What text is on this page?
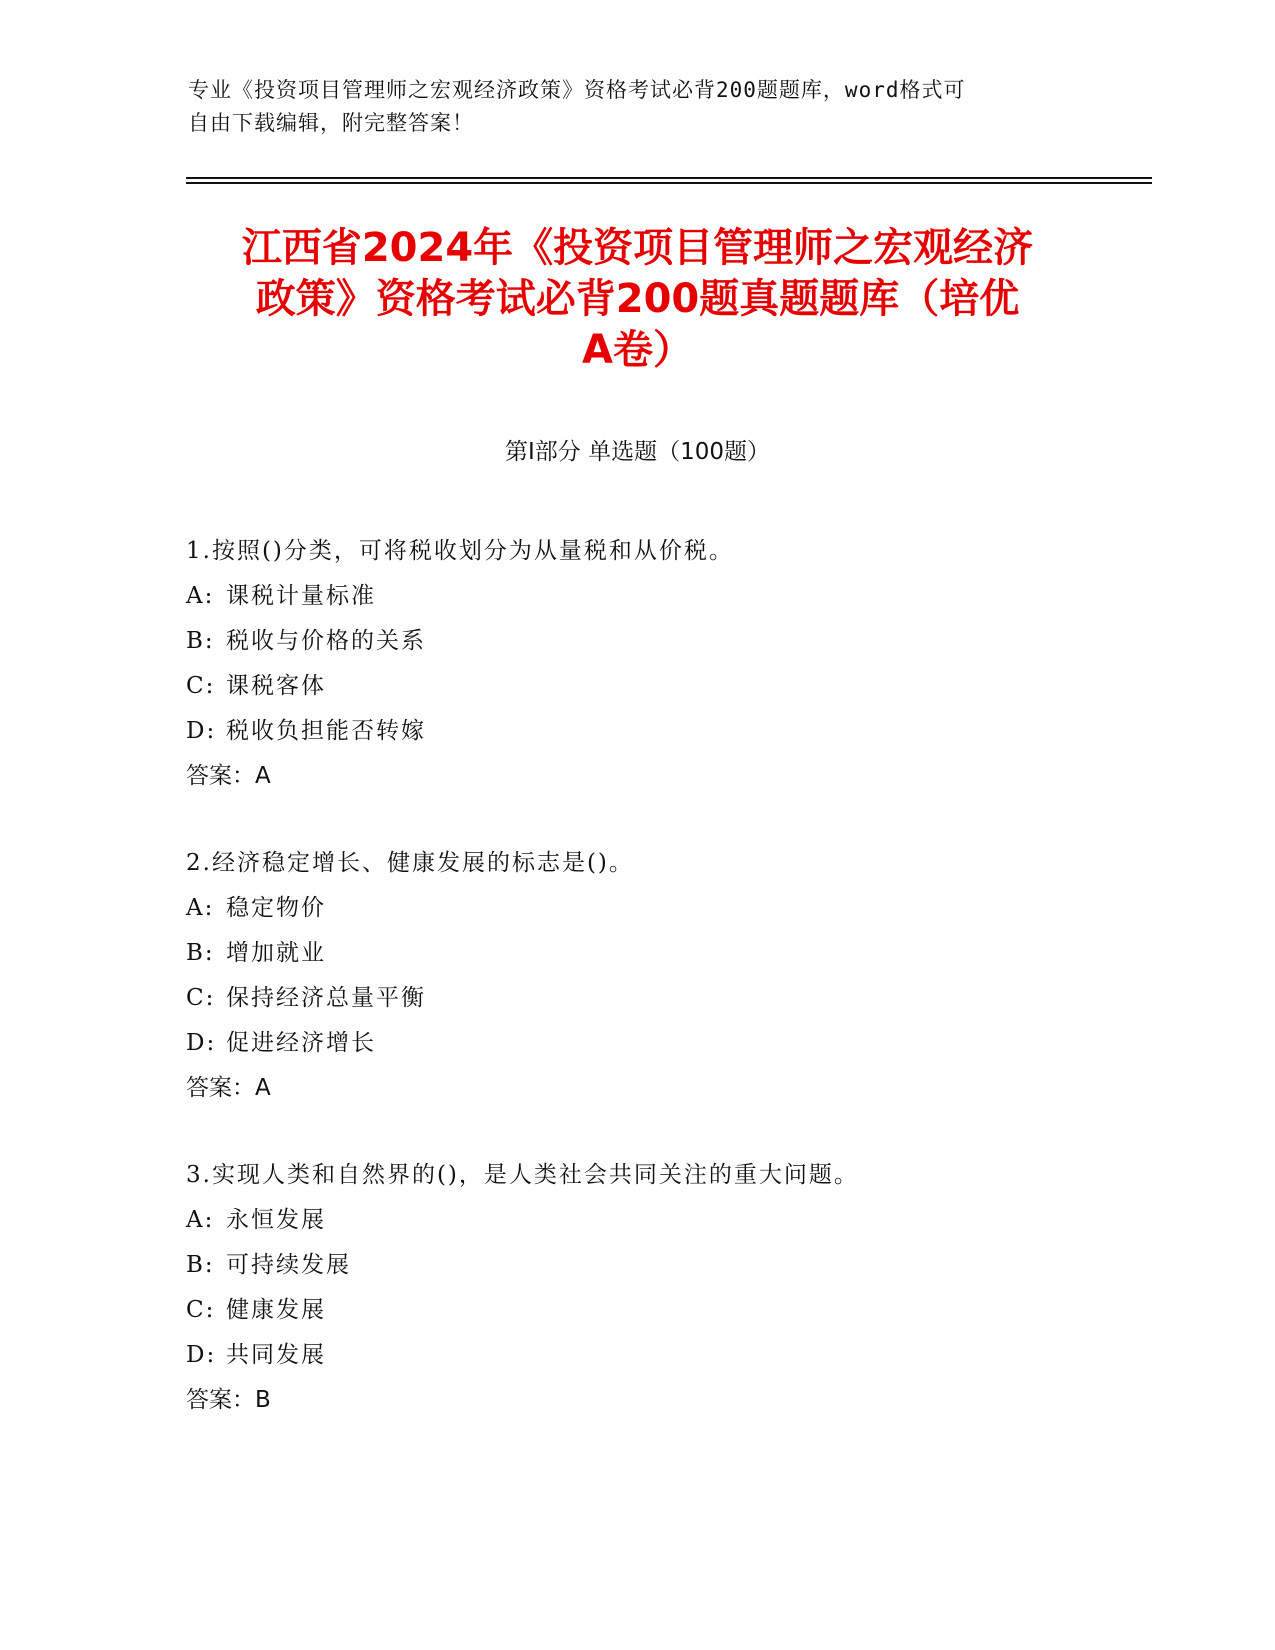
专业《投资项目管理师之宏观经济政策》资格考试必背200题题库，word格式可
自由下载编辑，附完整答案！
江西省2024年《投资项目管理师之宏观经济
政策》资格考试必背200题真题题库（培优
A卷）
第I部分 单选题（100题）
1.按照()分类，可将税收划分为从量税和从价税。
A: 课税计量标准
B: 税收与价格的关系
C: 课税客体
D: 税收负担能否转嫁
答案：A
2.经济稳定增长、健康发展的标志是()。
A: 稳定物价
B: 增加就业
C: 保持经济总量平衡
D: 促进经济增长
答案：A
3.实现人类和自然界的()，是人类社会共同关注的重大问题。
A: 永恒发展
B: 可持续发展
C: 健康发展
D: 共同发展
答案：B
